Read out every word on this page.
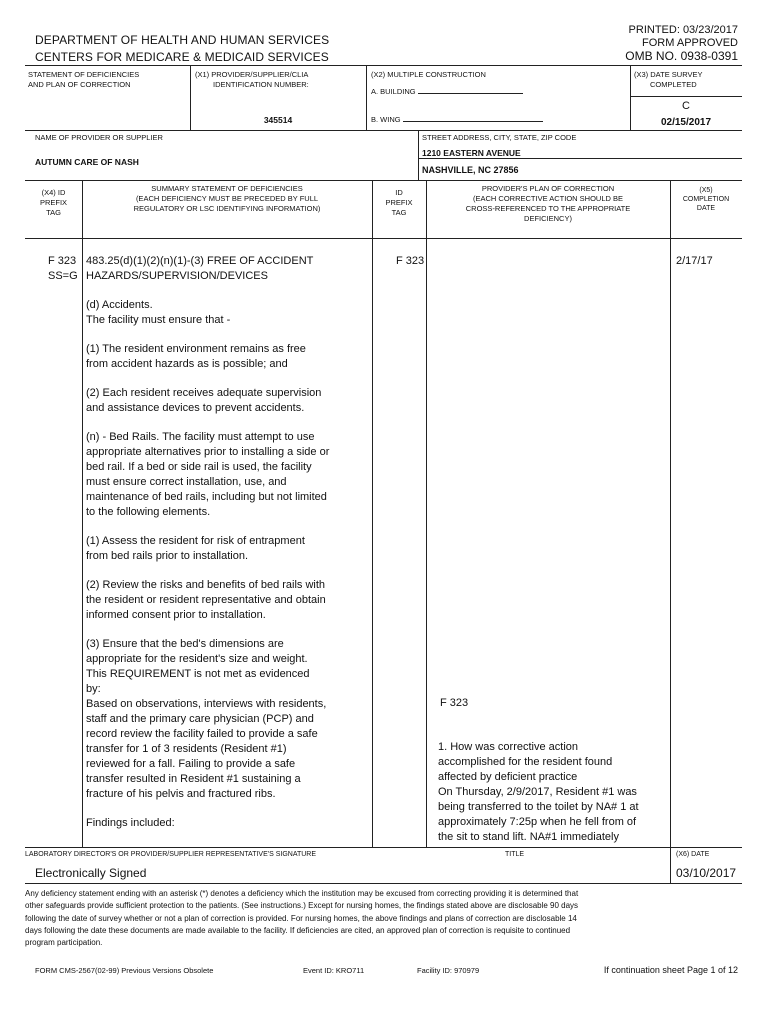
DEPARTMENT OF HEALTH AND HUMAN SERVICES
CENTERS FOR MEDICARE & MEDICAID SERVICES
PRINTED: 03/23/2017
FORM APPROVED
OMB NO. 0938-0391
STATEMENT OF DEFICIENCIES
AND PLAN OF CORRECTION
(X1) PROVIDER/SUPPLIER/CLIA
IDENTIFICATION NUMBER:
345514
(X2) MULTIPLE CONSTRUCTION
A. BUILDING
B. WING
(X3) DATE SURVEY
COMPLETED
C
02/15/2017
NAME OF PROVIDER OR SUPPLIER
AUTUMN CARE OF NASH
STREET ADDRESS, CITY, STATE, ZIP CODE
1210 EASTERN AVENUE
NASHVILLE, NC 27856
(X4) ID
PREFIX
TAG
SUMMARY STATEMENT OF DEFICIENCIES
(EACH DEFICIENCY MUST BE PRECEDED BY FULL
REGULATORY OR LSC IDENTIFYING INFORMATION)
ID
PREFIX
TAG
PROVIDER'S PLAN OF CORRECTION
(EACH CORRECTIVE ACTION SHOULD BE
CROSS-REFERENCED TO THE APPROPRIATE
DEFICIENCY)
(X5)
COMPLETION
DATE
F 323
SS=G
F 323	2/17/17
483.25(d)(1)(2)(n)(1)-(3) FREE OF ACCIDENT
HAZARDS/SUPERVISION/DEVICES
(d) Accidents.
The facility must ensure that -
(1) The resident environment remains as free
from accident hazards as is possible; and
(2) Each resident receives adequate supervision
and assistance devices to prevent accidents.
(n) - Bed Rails. The facility must attempt to use
appropriate alternatives prior to installing a side or
bed rail. If a bed or side rail is used, the facility
must ensure correct installation, use, and
maintenance of bed rails, including but not limited
to the following elements.
(1) Assess the resident for risk of entrapment
from bed rails prior to installation.
(2) Review the risks and benefits of bed rails with
the resident or resident representative and obtain
informed consent prior to installation.
(3) Ensure that the bed's dimensions are
appropriate for the resident's size and weight.
This REQUIREMENT is not met as evidenced
by:
Based on observations, interviews with residents,
staff and the primary care physician (PCP) and
record review the facility failed to provide a safe
transfer for 1 of 3 residents (Resident #1)
reviewed for a fall. Failing to provide a safe
transfer resulted in Resident #1 sustaining a
fracture of his pelvis and fractured ribs.
Findings included:
F 323
1. How was corrective action
accomplished for the resident found
affected by deficient practice
On Thursday, 2/9/2017, Resident #1 was
being transferred to the toilet by NA# 1 at
approximately 7:25p when he fell from of
the sit to stand lift. NA#1 immediately
LABORATORY DIRECTOR'S OR PROVIDER/SUPPLIER REPRESENTATIVE'S SIGNATURE	TITLE	(X6) DATE
Electronically Signed	03/10/2017
Any deficiency statement ending with an asterisk (*) denotes a deficiency which the institution may be excused from correcting providing it is determined that
other safeguards provide sufficient protection to the patients. (See instructions.) Except for nursing homes, the findings stated above are disclosable 90 days
following the date of survey whether or not a plan of correction is provided. For nursing homes, the above findings and plans of correction are disclosable 14
days following the date these documents are made available to the facility. If deficiencies are cited, an approved plan of correction is requisite to continued
program participation.
FORM CMS-2567(02-99) Previous Versions Obsolete	Event ID: KRO711	Facility ID: 970979	If continuation sheet Page 1 of 12
